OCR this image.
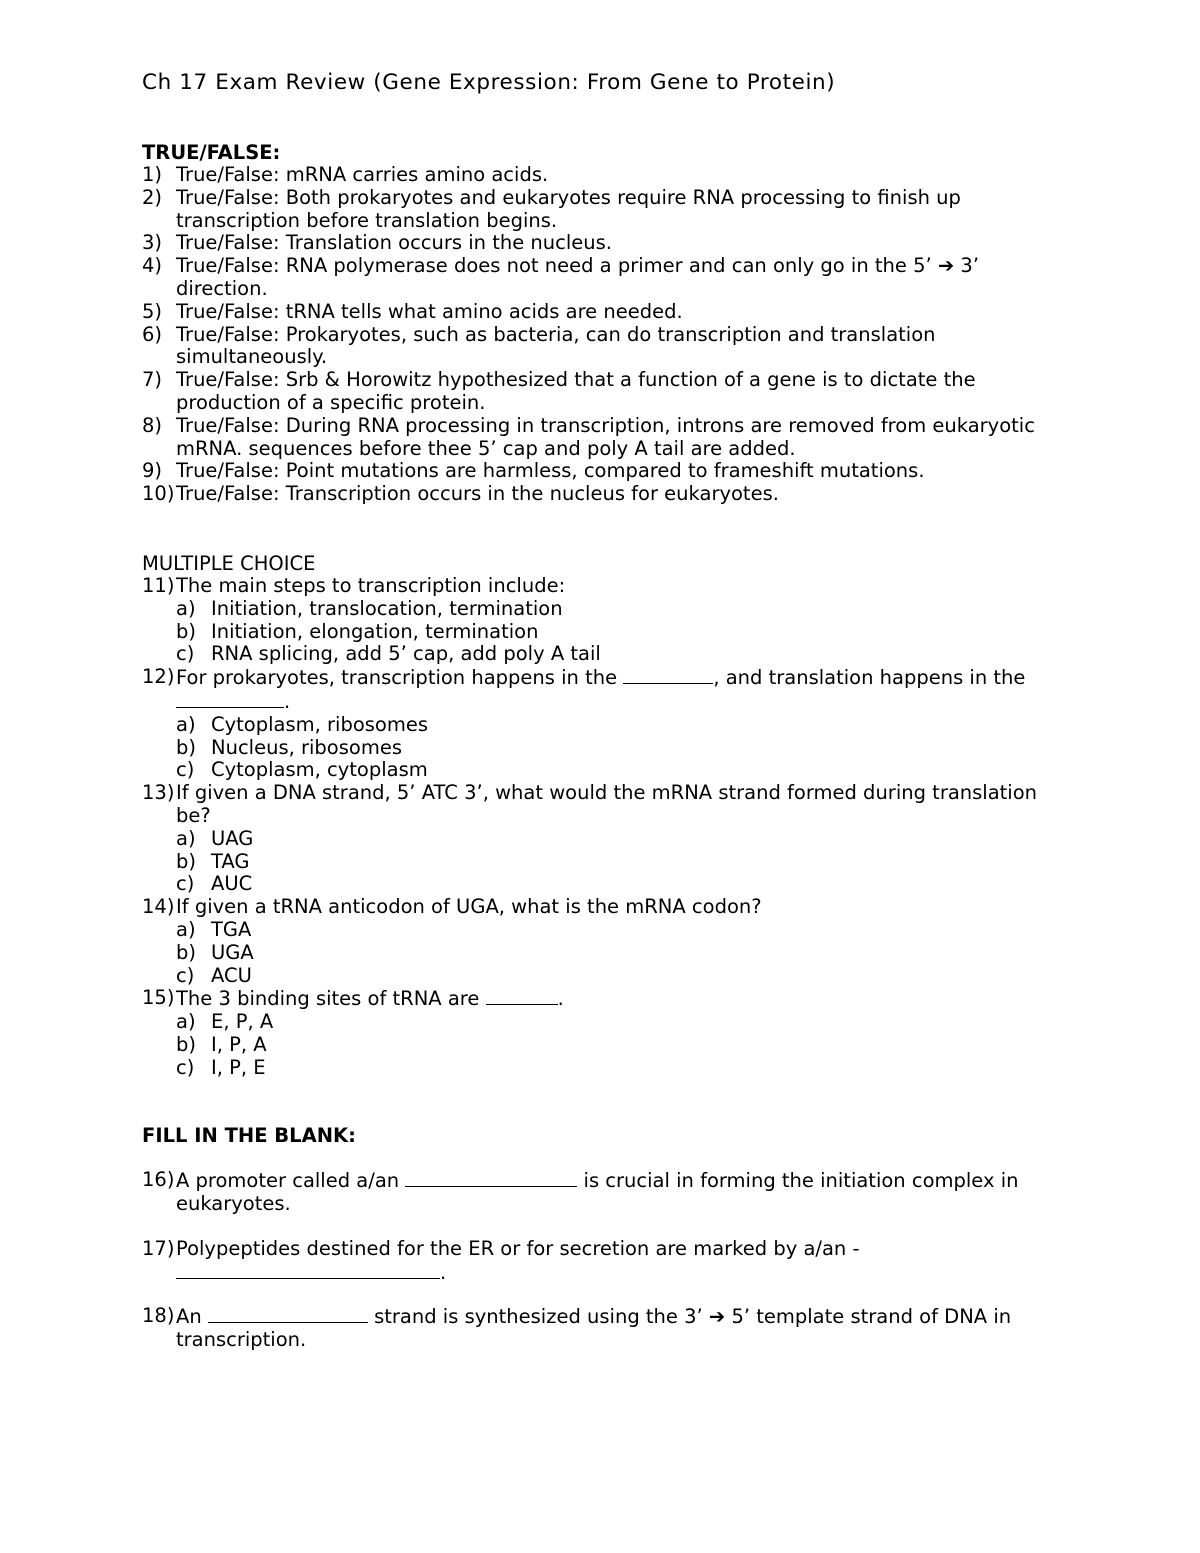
Ch 17 Exam Review (Gene Expression: From Gene to Protein)
TRUE/FALSE:
1) True/False: mRNA carries amino acids.
2) True/False: Both prokaryotes and eukaryotes require RNA processing to finish up transcription before translation begins.
3) True/False: Translation occurs in the nucleus.
4) True/False: RNA polymerase does not need a primer and can only go in the 5’ ➔ 3’ direction.
5) True/False: tRNA tells what amino acids are needed.
6) True/False: Prokaryotes, such as bacteria, can do transcription and translation simultaneously.
7) True/False: Srb & Horowitz hypothesized that a function of a gene is to dictate the production of a specific protein.
8) True/False: During RNA processing in transcription, introns are removed from eukaryotic mRNA. sequences before thee 5’ cap and poly A tail are added.
9) True/False: Point mutations are harmless, compared to frameshift mutations.
10) True/False: Transcription occurs in the nucleus for eukaryotes.
MULTIPLE CHOICE
11) The main steps to transcription include:
a) Initiation, translocation, termination
b) Initiation, elongation, termination
c) RNA splicing, add 5’ cap, add poly A tail
12) For prokaryotes, transcription happens in the	, and translation happens in the
.
a) Cytoplasm, ribosomes
b) Nucleus, ribosomes
c) Cytoplasm, cytoplasm
13) If given a DNA strand, 5’ ATC 3’, what would the mRNA strand formed during translation be?
a) UAG
b) TAG
c) AUC
14) If given a tRNA anticodon of UGA, what is the mRNA codon?
a) TGA
b) UGA
c) ACU
15) The 3 binding sites of tRNA are	.
a) E, P, A
b) I, P, A
c) I, P, E
FILL IN THE BLANK:
16) A promoter called a/an	is crucial in forming the initiation complex in eukaryotes.
17) Polypeptides destined for the ER or for secretion are marked by a/an -
.
18) An	strand is synthesized using the 3’ ➔ 5’ template strand of DNA in transcription.
